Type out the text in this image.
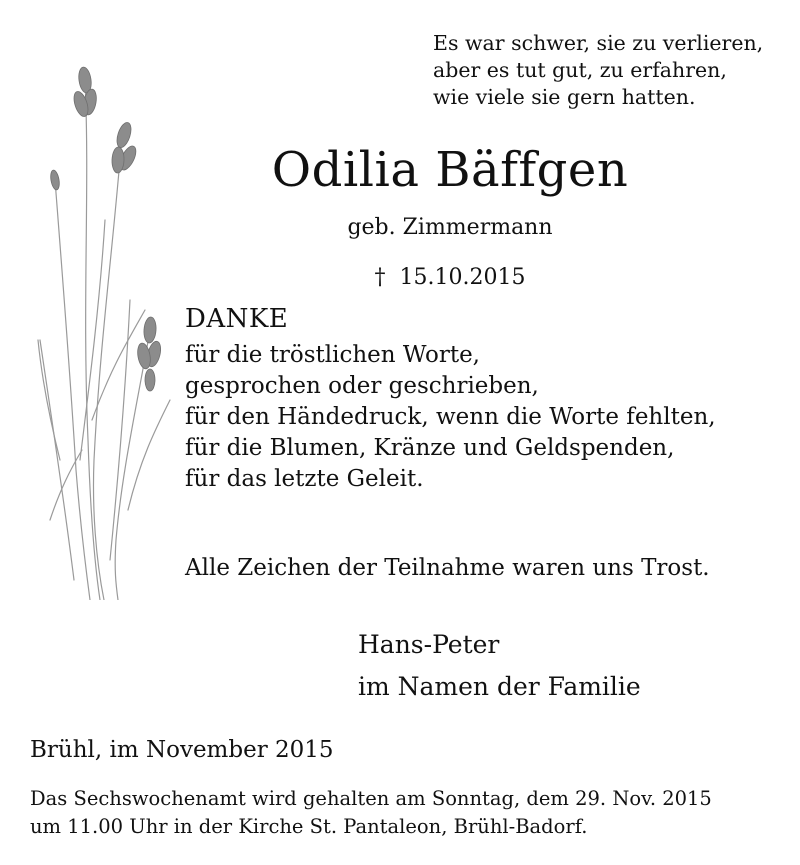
Es war schwer, sie zu verlieren,
aber es tut gut, zu erfahren,
wie viele sie gern hatten.
Odilia Bäffgen
geb. Zimmermann
† 15.10.2015
DANKE
für die tröstlichen Worte,
gesprochen oder geschrieben,
für den Händedruck, wenn die Worte fehlten,
für die Blumen, Kränze und Geldspenden,
für das letzte Geleit.
Alle Zeichen der Teilnahme waren uns Trost.
Hans-Peter
im Namen der Familie
Brühl, im November 2015
Das Sechswochenamt wird gehalten am Sonntag, dem 29. Nov. 2015
um 11.00 Uhr in der Kirche St. Pantaleon, Brühl-Badorf.
